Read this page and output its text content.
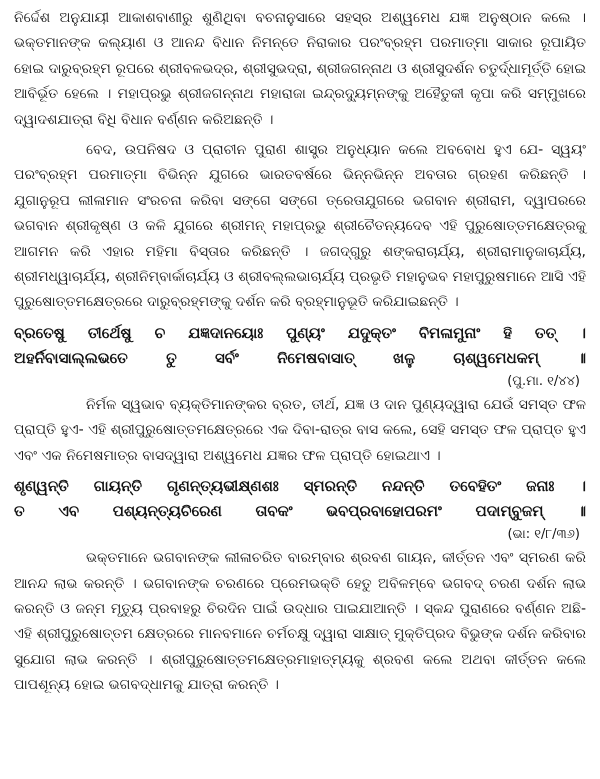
ନିର୍ଦ୍ଦେଶ ଅନୁଯାୟୀ ଆକାଶବାଣୀରୁ ଶୁଣିଥିବା ବଚନାନୁସାରେ ସହସ୍ର ଅଶ୍ୱମେଧ ଯଜ୍ଞ ଅନୁଷ୍ଠାନ କଲେ । ଭକ୍ତମାନଙ୍କ କଲ୍ୟାଣ ଓ ଆନନ୍ଦ ବିଧାନ ନିମନ୍ତେ ନିରାକାର ପରଂବ୍ରହ୍ମ ପରମାତ୍ମା ସାକାର ରୂପାୟିତ ହୋଇ ଦାରୁବ୍ରହ୍ମ ରୂପରେ ଶ୍ରୀବଳଭଦ୍ର, ଶ୍ରୀସୁଭଦ୍ରା, ଶ୍ରୀଜଗନ୍ନାଥ ଓ ଶ୍ରୀସୁଦର୍ଶନ ଚତୁର୍ଦ୍ଧାମୂର୍ତ୍ତି ହୋଇ ଆବିର୍ଭୂତ ହେଲେ । ମହାପ୍ରଭୁ ଶ୍ରୀଜଗନ୍ନାଥ ମହାରାଜା ଇନ୍ଦ୍ରଦ୍ୟୁମ୍ନଙ୍କୁ ଅହୈତୁକୀ କୃପା କରି ସମ୍ମୁଖରେ ଦ୍ୱାଦଶଯାତ୍ରା ବିଧି ବିଧାନ ବର୍ଣ୍ଣନ କରିଅଛନ୍ତି ।

ବେଦ, ଉପନିଷଦ ଓ ପ୍ରାଚୀନ ପୁରାଣ ଶାସ୍ତ୍ର ଅନୁଧ୍ୟାନ କଲେ ଅବବୋଧ ହୁଏ ଯେ- ସ୍ୱୟଂ ପରଂବ୍ରହ୍ମ ପରମାତ୍ମା ବିଭିନ୍ନ ଯୁଗରେ ଭାରତବର୍ଷରେ ଭିନ୍ନଭିନ୍ନ ଅବତାର ଗ୍ରହଣ କରିଛନ୍ତି । ଯୁଗାନୁରୂପ ଲୀଳାମାନ ସଂରଚନା କରିବା ସଙ୍ଗେ ସଙ୍ଗେ ତ୍ରେତାଯୁଗରେ ଭଗବାନ ଶ୍ରୀରାମ, ଦ୍ୱାପରରେ ଭଗବାନ ଶ୍ରୀକୃଷ୍ଣ ଓ କଳି ଯୁଗରେ ଶ୍ରୀମନ୍ ମହାପ୍ରଭୁ ଶ୍ରୀଚୈତନ୍ୟଦେବ ଏହି ପୁରୁଷୋତ୍ତମକ୍ଷେତ୍ରକୁ ଆଗମନ କରି ଏହାର ମହିମା ବିସ୍ତାର କରିଛନ୍ତି । ଜଗଦ୍‌ଗୁରୁ ଶଙ୍କରାଚାର୍ଯ୍ୟ, ଶ୍ରୀରାମାନୁଜାଚାର୍ଯ୍ୟ, ଶ୍ରୀମଧ୍ୱାଚାର୍ଯ୍ୟ, ଶ୍ରୀନିମ୍ବାର୍କାଚାର୍ଯ୍ୟ ଓ ଶ୍ରୀବଲ୍ଲଭାଚାର୍ଯ୍ୟ ପ୍ରଭୃତି ମହାନୁଭବ ମହାପୁରୁଷମାନେ ଆସି ଏହି ପୁରୁଷୋତ୍ତମକ୍ଷେତ୍ରରେ ଦାରୁବ୍ରହ୍ମଙ୍କୁ ଦର୍ଶନ କରି ବ୍ରହ୍ମାନୁଭୂତି କରିଯାଇଛନ୍ତି ।

ବ୍ରତେଷୁ ତୀର୍ଥେଷୁ ଚ ଯଜ୍ଞଦାନୟୋଃ ପୁଣ୍ୟଂ ଯଦୁକ୍ତଂ ବିମଳାମୁନାଂ ହି ତତ୍ ।

ଅହର୍ନିବାସାଲ୍ଲଭତେ ତୁ ସର୍ବଂ ନିମେଷବାସାତ୍ ଖଳୁ ଚାଶ୍ୱମେଧକମ୍ ॥

(ପୁ.ମା. ୧/୪୪)

ନିର୍ମଳ ସ୍ୱଭାବ ବ୍ୟକ୍ତିମାନଙ୍କର ବ୍ରତ, ତୀର୍ଥ, ଯଜ୍ଞ ଓ ଦାନ ପୁଣ୍ୟଦ୍ୱାରା ଯେଉଁ ସମସ୍ତ ଫଳ ପ୍ରାପ୍ତି ହୁଏ- ଏହି ଶ୍ରୀପୁରୁଷୋତ୍ତମକ୍ଷେତ୍ରରେ ଏକ ଦିବା-ରାତ୍ର ବାସ କଲେ, ସେହି ସମସ୍ତ ଫଳ ପ୍ରାପ୍ତ ହୁଏ ଏବଂ ଏକ ନିମେଷମାତ୍ର ବାସଦ୍ୱାରା ଅଶ୍ୱମେଧ ଯଜ୍ଞର ଫଳ ପ୍ରାପ୍ତି ହୋଇଥାଏ ।

ଶୃଣ୍ୱନ୍ତି ଗାୟନ୍ତି ଗୃଣନ୍ତ୍ୟଭୀକ୍ଷ୍ଣଶଃ ସ୍ମରନ୍ତି ନନ୍ଦନ୍ତି ତବେହିତଂ ଜନାଃ ।

ତ ଏବ ପଶ୍ୟନ୍ତ୍ୟଚିରେଣ ତାବକଂ ଭବପ୍ରବାହୋପରମଂ ପଦାମ୍ବୁଜମ୍ ॥

(ଭା: ୧/୮/୩୬)

ଭକ୍ତମାନେ ଭଗବାନଙ୍କ ଲୀଳାଚରିତ ବାରମ୍ବାର ଶ୍ରବଣ ଗାୟନ, କୀର୍ତ୍ତନ ଏବଂ ସ୍ମରଣ କରି ଆନନ୍ଦ ଲାଭ କରନ୍ତି । ଭଗବାନଙ୍କ ଚରଣରେ ପ୍ରେମଭକ୍ତି ହେତୁ ଅବିଳମ୍ବେ ଭଗବଦ୍ ଚରଣ ଦର୍ଶନ ଲାଭ କରନ୍ତି ଓ ଜନ୍ମ ମୃତ୍ୟୁ ପ୍ରବାହରୁ ଚିରଦିନ ପାଇଁ ଉଦ୍ଧାର ପାଇଯାଆନ୍ତି । ସ୍କନ୍ଦ ପୁରାଣରେ ବର୍ଣ୍ଣନ ଅଛି- ଏହି ଶ୍ରୀପୁରୁଷୋତ୍ତମ କ୍ଷେତ୍ରରେ ମାନବମାନେ ଚର୍ମଚକ୍ଷୁ ଦ୍ୱାରା ସାକ୍ଷାତ୍ ମୁକ୍ତିପ୍ରଦ ବିଭୁଙ୍କ ଦର୍ଶନ କରିବାର ସୁଯୋଗ ଲାଭ କରନ୍ତି । ଶ୍ରୀପୁରୁଷୋତ୍ତମକ୍ଷେତ୍ରମାହାତ୍ମ୍ୟକୁ ଶ୍ରବଣ କଲେ ଅଥବା କୀର୍ତ୍ତନ କଲେ ପାପଶୂନ୍ୟ ହୋଇ ଭଗବଦ୍‌ଧାମକୁ ଯାତ୍ରା କରନ୍ତି ।
